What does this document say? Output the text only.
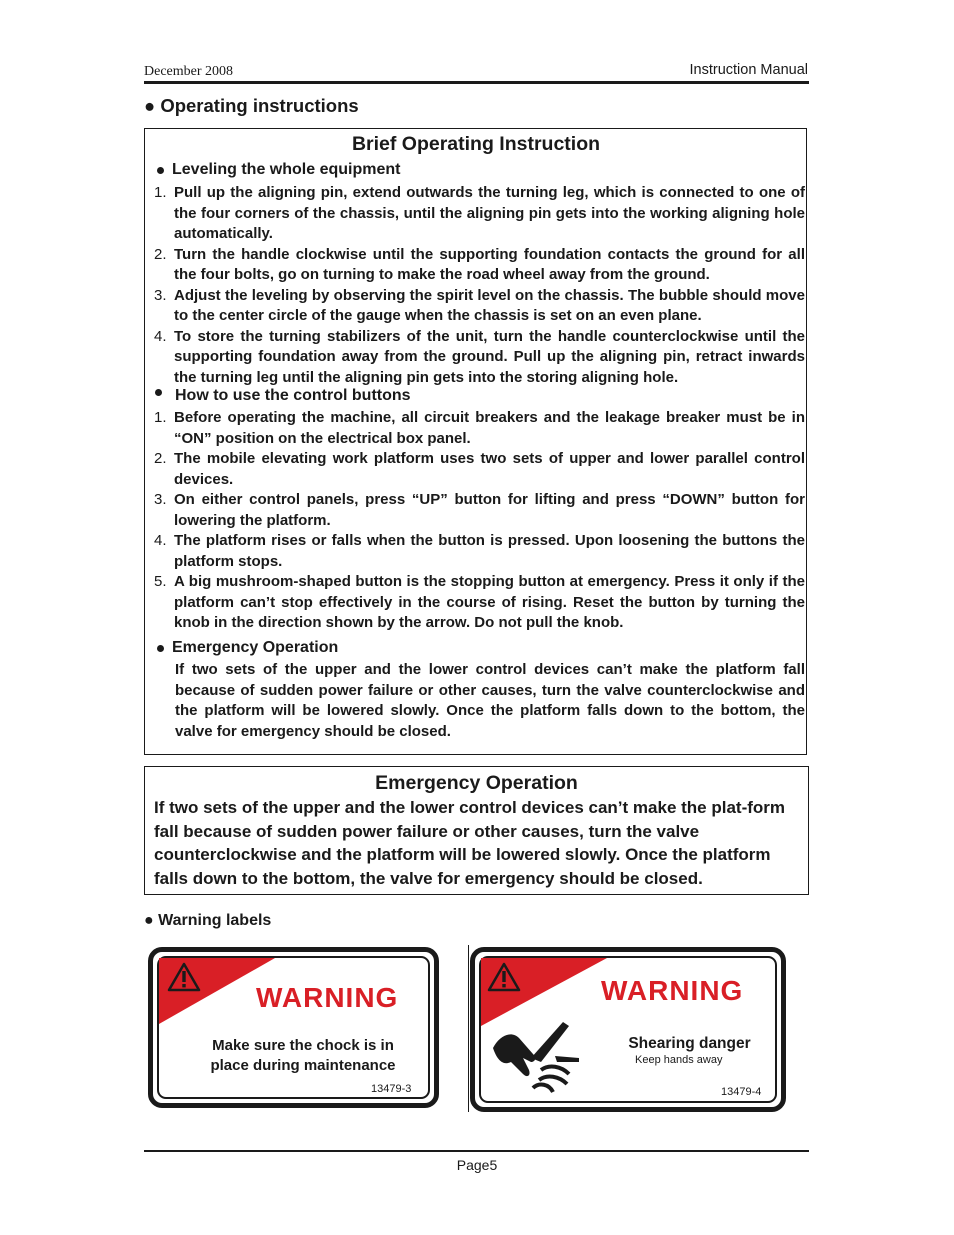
December 2008	Instruction Manual
● Operating instructions
Brief Operating Instruction
Leveling the whole equipment
1. Pull up the aligning pin, extend outwards the turning leg, which is connected to one of the four corners of the chassis, until the aligning pin gets into the working aligning hole automatically.
2. Turn the handle clockwise until the supporting foundation contacts the ground for all the four bolts, go on turning to make the road wheel away from the ground.
3. Adjust the leveling by observing the spirit level on the chassis. The bubble should move to the center circle of the gauge when the chassis is set on an even plane.
4. To store the turning stabilizers of the unit, turn the handle counterclockwise until the supporting foundation away from the ground. Pull up the aligning pin, retract inwards the turning leg until the aligning pin gets into the storing aligning hole.
How to use the control buttons
1. Before operating the machine, all circuit breakers and the leakage breaker must be in “ON” position on the electrical box panel.
2. The mobile elevating work platform uses two sets of upper and lower parallel control devices.
3. On either control panels, press “UP” button for lifting and press “DOWN” button for lowering the platform.
4. The platform rises or falls when the button is pressed. Upon loosening the buttons the platform stops.
5. A big mushroom-shaped button is the stopping button at emergency. Press it only if the platform can’t stop effectively in the course of rising. Reset the button by turning the knob in the direction shown by the arrow. Do not pull the knob.
Emergency Operation
If two sets of the upper and the lower control devices can’t make the platform fall because of sudden power failure or other causes, turn the valve counterclockwise and the platform will be lowered slowly. Once the platform falls down to the bottom, the valve for emergency should be closed.
Emergency Operation
If two sets of the upper and the lower control devices can’t make the plat-form fall because of sudden power failure or other causes, turn the valve counterclockwise and the platform will be lowered slowly. Once the platform falls down to the bottom, the valve for emergency should be closed.
● Warning labels
WARNING
Make sure the chock is in
place during maintenance
13479-3
WARNING
Shearing danger
Keep hands away
13479-4
Page5
